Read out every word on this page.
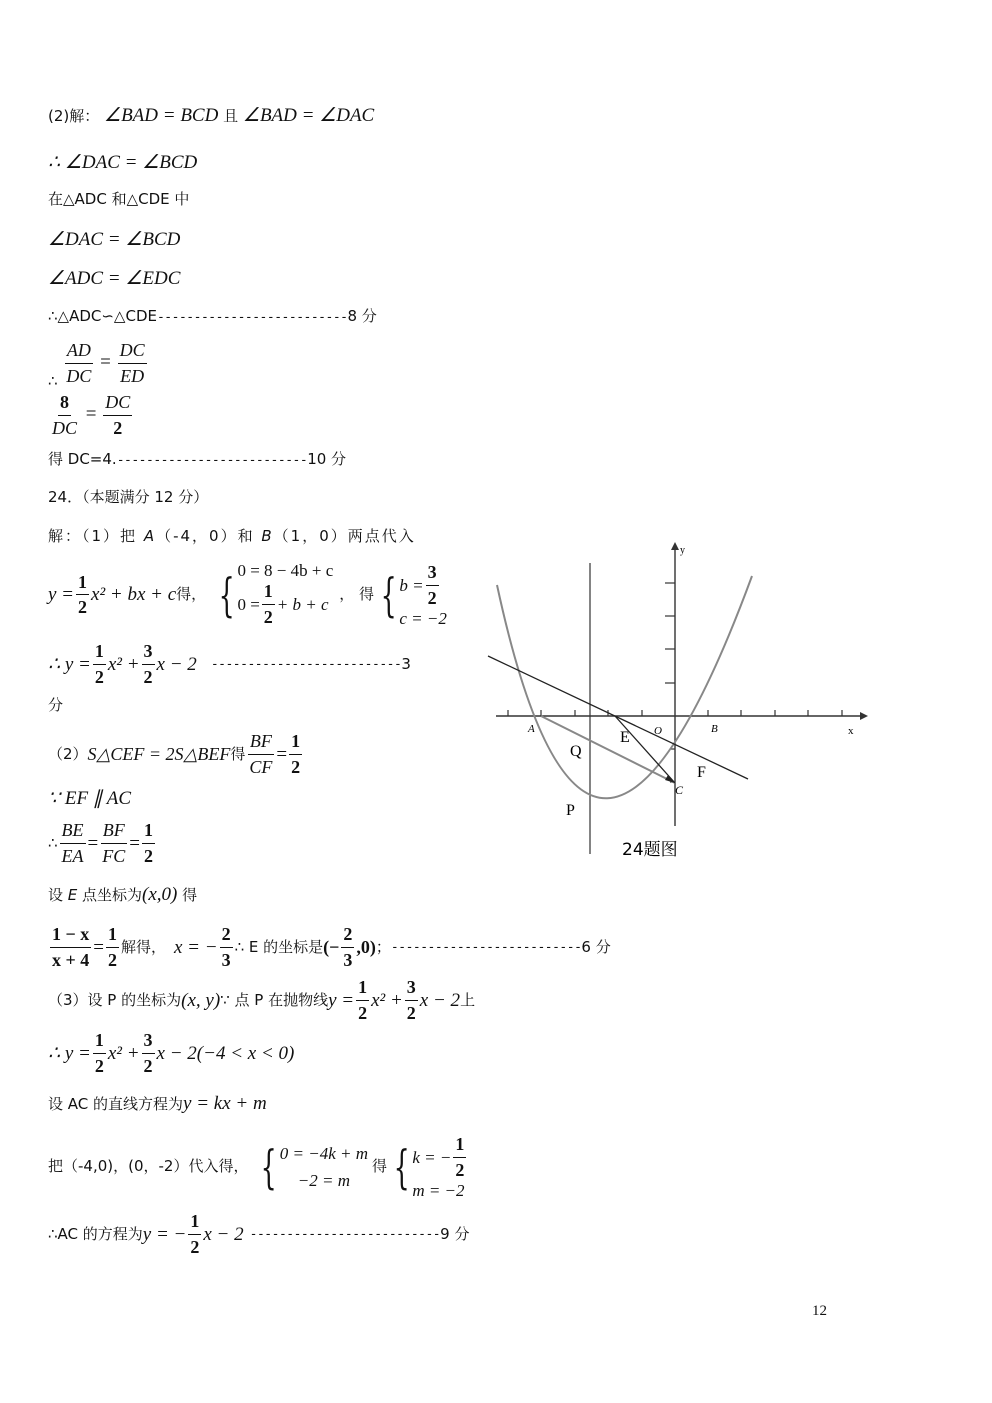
(2)解： ∠BAD = BCD 且 ∠BAD = ∠DAC
∴ ∠DAC = ∠BCD
在△ADC 和△CDE 中
∠DAC = ∠BCD
∠ADC = ∠EDC
∴△ADC∽△CDE--------------------------8 分
∴ $\frac{AD}{DC} = \frac{DC}{ED}$
$\frac{8}{DC} = \frac{DC}{2}$
得 DC=4.--------------------------10 分
24．（本题满分 12 分）
解：（1）把 A（-4，0）和 B（1，0）两点代入
$y = \frac{1}{2} x^2$ + bx + c 得， { 0 = 8 − 4b + c
$0 = \frac{1}{2} + b + c$
， 得 { $b = \frac{3}{2}$
c = −2
∴ $y = \frac{1}{2} x^2 + \frac{3}{2}$ x − 2 -------------------------- 3
分
（2） S△CEF = 2S△BEF 得 $\frac{BF}{CF} = \frac{1}{2}$
∵ EF ∥ AC
∴ $\frac{BE}{EA} = \frac{BF}{FC} = \frac{1}{2}$
设 E 点坐标为(x,0) 得
$\frac{1 - x}{x + 4} = \frac{1}{2}$ 解得， x = − $\frac{2}{3}$ ∴ E 的坐标是 (− $\frac{2}{3} ,0$) ； -------------------------- 6 分
（3）设 P 的坐标为 (x, y) ∵ 点 P 在抛物线 $y = \frac{1}{2} x^2 + \frac{3}{2}$ x − 2 上
∴ $y = \frac{1}{2} x^2 + \frac{3}{2}$ x − 2(−4 < x < 0)
设 AC 的直线方程为y = kx + m
把（-4,0)，(0，-2）代入得， { 0 = −4k + m
−2 = m
得 { k = − $\frac{1}{2}$
m = −2
∴AC 的方程为 y = − $\frac{1}{2}$ x − 2 -------------------------- 9 分
y
x
A	B
O
C
E
F
Q
P
24题图
12
